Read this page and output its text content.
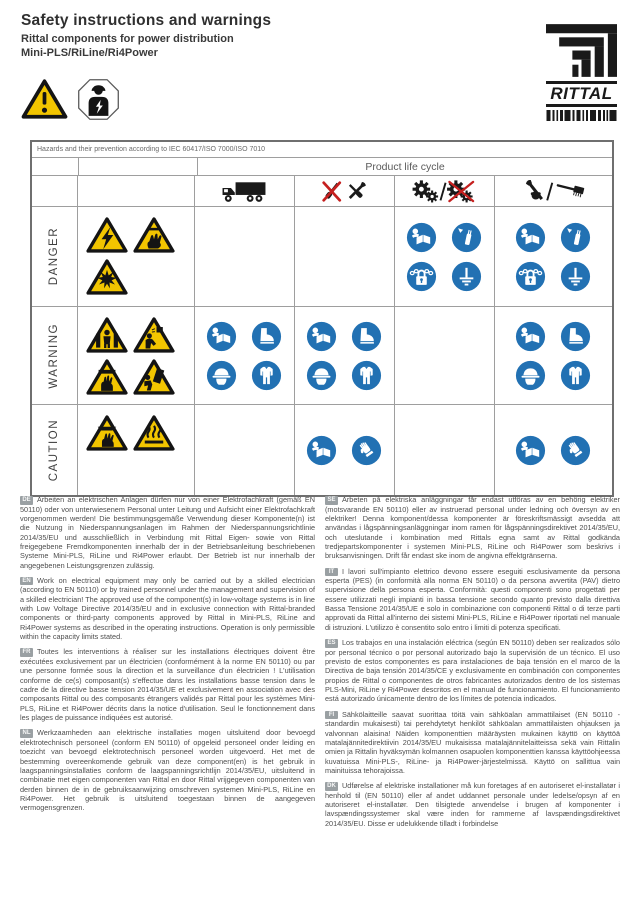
Safety instructions and warnings
Rittal components for power distribution
Mini-PLS/RiLine/Ri4Power
RITTAL
Hazards and their prevention according to IEC 60417/ISO 7000/ISO 7010
Product life cycle
DANGER
WARNING
CAUTION

DE Arbeiten an elektrischen Anlagen dürfen nur von einer Elektrofachkraft (gemäß EN 50110) oder von unterwiesenem Personal unter Leitung und Aufsicht einer Elektrofachkraft vorgenommen werden! Die bestimmungsgemäße Verwendung dieser Komponente(n) ist die Nutzung in Niederspannungsanlagen im Rahmen der Niederspannungsrichtlinie 2014/35/EU und ausschließlich in Verbindung mit Rittal Eigen- sowie von Rittal freigegebene Fremdkomponenten innerhalb der in der Betriebsanleitung beschriebenen Systeme Mini-PLS, RiLine und Ri4Power erlaubt. Der Betrieb ist nur innerhalb der angegebenen Leistungsgrenzen zulässig.

EN Work on electrical equipment may only be carried out by a skilled electrician (according to EN 50110) or by trained personnel under the management and supervision of a skilled electrician! The approved use of the component(s) in low-voltage systems is in line with Low Voltage Directive 2014/35/EU and in exclusive connection with Rittal-branded components or third-party components approved by Rittal in Mini-PLS, RiLine and Ri4Power systems as described in the operating instructions. Operation is only permissible within the capacity limits stated.

FR Toutes les interventions à réaliser sur les installations électriques doivent être exécutées exclusivement par un électricien (conformément à la norme EN 50110) ou par une personne formée sous la direction et la surveillance d'un électricien ! L'utilisation conforme de ce(s) composant(s) s'effectue dans les installations basse tension dans le cadre de la directive basse tension 2014/35/UE et exclusivement en association avec des composants Rittal ou des composants étrangers validés par Rittal pour les systèmes Mini-PLS, RiLine et Ri4Power décrits dans la notice d'utilisation. Seul le fonctionnement dans les plages de puissance indiquées est autorisé.

NL Werkzaamheden aan elektrische installaties mogen uitsluitend door bevoegd elektrotechnisch personeel (conform EN 50110) of opgeleid personeel onder leiding en toezicht van bevoegd elektrotechnisch personeel worden uitgevoerd. Het met de bestemming overeenkomende gebruik van deze component(en) is het gebruik in laagspanningsinstallaties conform de laagspanningsrichtlijn 2014/35/EU, uitsluitend in combinatie met eigen componenten van Rittal en door Rittal vrijgegeven componenten van derden binnen de in de gebruiksaanwijzing omschreven systemen Mini-PLS, RiLine en Ri4Power. Het gebruik is uitsluitend toegestaan binnen de aangegeven vermogensgrenzen.

SE Arbeten på elektriska anläggningar får endast utföras av en behörig elektriker (motsvarande EN 50110) eller av instruerad personal under ledning och översyn av en elektriker! Denna komponent/dessa komponenter är föreskriftsmässigt avsedda att användas i lågspänningsanläggningar inom ramen för lågspänningsdirektivet 2014/35/EU, och uteslutande i kombination med Rittals egna samt av Rittal godkända tredjepartskomponenter i systemen Mini-PLS, RiLine och Ri4Power som beskrivs i bruksanvisningen. Drift får endast ske inom de angivna effektgränserna.

IT I lavori sull'impianto elettrico devono essere eseguiti esclusivamente da persona esperta (PES) (in conformità alla norma EN 50110) o da persona avvertita (PAV) dietro supervisione della persona esperta. Conformità: questi componenti sono progettati per essere utilizzati negli impianti in bassa tensione secondo quanto previsto dalla direttiva Bassa Tensione 2014/35/UE e solo in combinazione con componenti Rittal o di terze parti approvati da Rittal all'interno dei sistemi Mini-PLS, RiLine e Ri4Power riportati nel manuale di istruzioni. L'utilizzo è consentito solo entro i limiti di potenza specificati.

ES Los trabajos en una instalación eléctrica (según EN 50110) deben ser realizados sólo por personal técnico o por personal autorizado bajo la supervisión de un técnico. El uso previsto de estos componentes es para instalaciones de baja tensión en el marco de la Directiva de baja tensión 2014/35/CE y exclusivamente en combinación con componentes propios de Rittal o componentes de otros fabricantes autorizados dentro de los sistemas PLS-Mini, RiLine y Ri4Power descritos en el manual de funcionamiento. El funcionamiento está autorizado únicamente dentro de los límites de potencia indicados.

FI Sähkölaitteille saavat suorittaa töitä vain sähköalan ammattilaiset (EN 50110 -standardin mukaisesti) tai perehdytetyt henkilöt sähköalan ammattilaisten ohjauksen ja valvonnan alaisina! Näiden komponenttien määräysten mukainen käyttö on käyttöä matalajännitedirektiivin 2014/35/EU mukaisissa matalajännitelaitteissa sekä vain Rittalin omien ja Rittalin hyväksymän kolmannen osapuolen komponenttien kanssa käyttöohjeessa kuvatuissa Mini-PLS-, RiLine- ja Ri4Power-järjestelmissä. Käyttö on sallittua vain mainituissa tehorajoissa.

DK Udførelse af elektriske installationer må kun foretages af en autoriseret el-installatør i henhold til (EN 50110) eller af andet uddannet personale under ledelse/opsyn af en autoriseret el-installatør. Den tilsigtede anvendelse i brugen af komponenter i lavspændingssystemer skal være inden for rammerne af lavspændingsdirektivet 2014/35/EU. Disse er udelukkende tilladt i forbindelse
